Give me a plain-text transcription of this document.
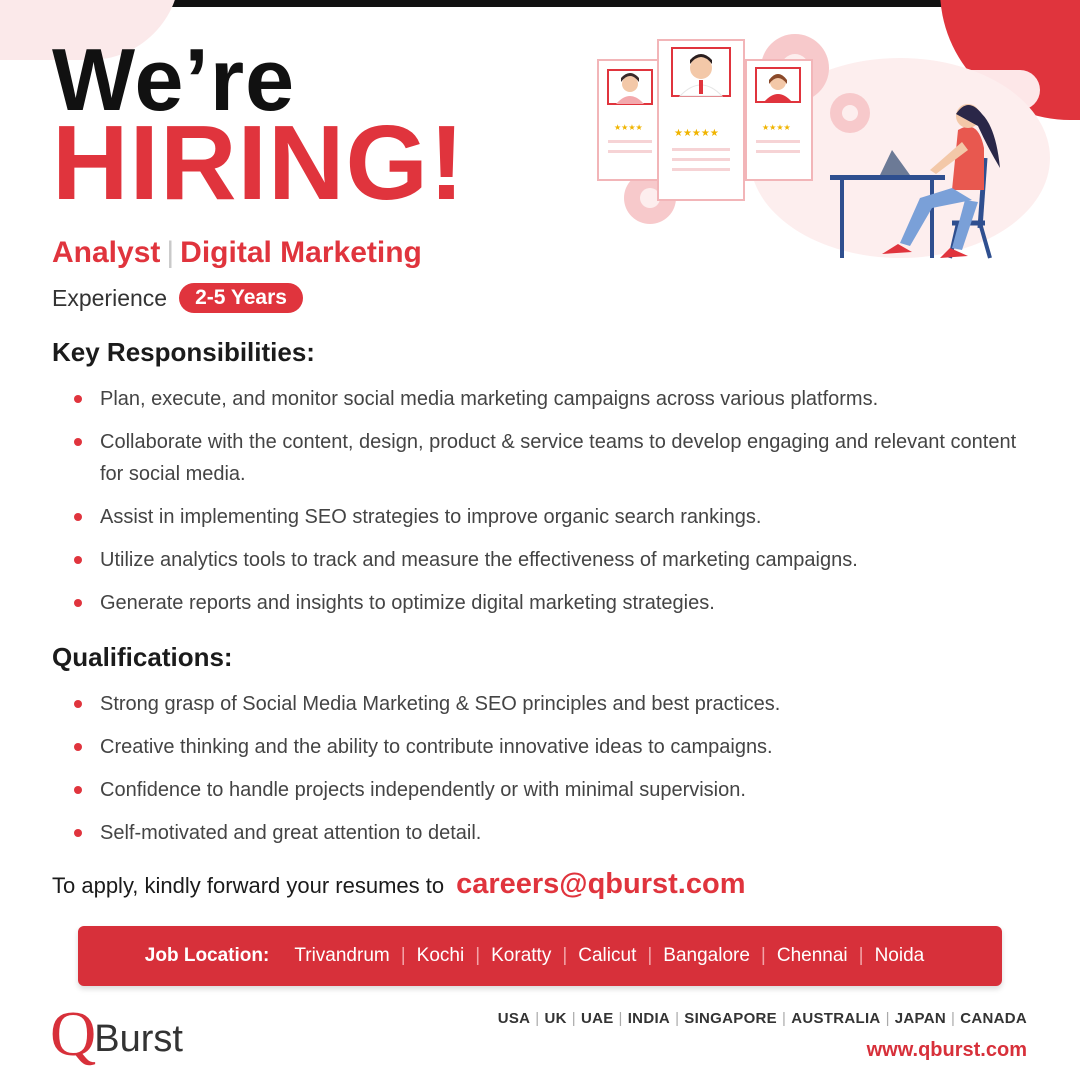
We’re
HIRING!	★★★★	★★★★
★★★★★
Analyst | Digital Marketing
Experience	2-5 Years
Key Responsibilities:
Plan, execute, and monitor social media marketing campaigns across various platforms.
Collaborate with the content, design, product & service teams to develop engaging and relevant content for social media.
Assist in implementing SEO strategies to improve organic search rankings.
Utilize analytics tools to track and measure the effectiveness of marketing campaigns.
Generate reports and insights to optimize digital marketing strategies.
Qualifications:
Strong grasp of Social Media Marketing & SEO principles and best practices.
Creative thinking and the ability to contribute innovative ideas to campaigns.
Confidence to handle projects independently or with minimal supervision.
Self-motivated and great attention to detail.
To apply, kindly forward your resumes to careers@qburst.com
Job Location:	Trivandrum | Kochi | Koratty | Calicut | Bangalore | Chennai | Noida
Q
Burst	USA | UK | UAE | INDIA | SINGAPORE | AUSTRALIA | JAPAN | CANADA
www.qburst.com
